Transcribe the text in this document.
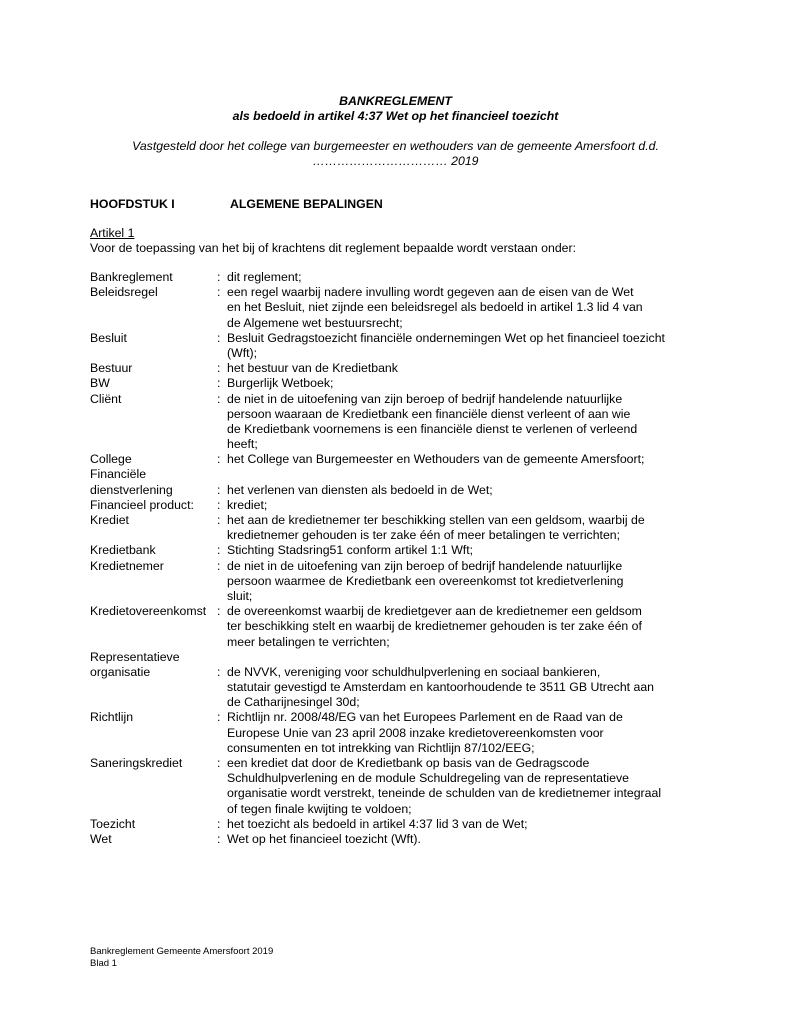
BANKREGLEMENT
als bedoeld in artikel 4:37 Wet op het financieel toezicht
Vastgesteld door het college van burgemeester en wethouders van de gemeente Amersfoort d.d.
…………………………… 2019
HOOFDSTUK I	ALGEMENE BEPALINGEN
Artikel 1
Voor de toepassing van het bij of krachtens dit reglement bepaalde wordt verstaan onder:
Bankreglement	: dit reglement;
Beleidsregel	: een regel waarbij nadere invulling wordt gegeven aan de eisen van de Wet
en het Besluit, niet zijnde een beleidsregel als bedoeld in artikel 1.3 lid 4 van
de Algemene wet bestuursrecht;
Besluit	: Besluit Gedragstoezicht financiële ondernemingen Wet op het financieel toezicht
(Wft);
Bestuur	: het bestuur van de Kredietbank
BW	: Burgerlijk Wetboek;
Cliënt	: de niet in de uitoefening van zijn beroep of bedrijf handelende natuurlijke
persoon waaraan de Kredietbank een financiële dienst verleent of aan wie
de Kredietbank voornemens is een financiële dienst te verlenen of verleend
heeft;
College	: het College van Burgemeester en Wethouders van de gemeente Amersfoort;
Financiële
dienstverlening	: het verlenen van diensten als bedoeld in de Wet;
Financieel product:	: krediet;
Krediet	: het aan de kredietnemer ter beschikking stellen van een geldsom, waarbij de
kredietnemer gehouden is ter zake één of meer betalingen te verrichten;
Kredietbank	: Stichting Stadsring51 conform artikel 1:1 Wft;
Kredietnemer	: de niet in de uitoefening van zijn beroep of bedrijf handelende natuurlijke
persoon waarmee de Kredietbank een overeenkomst tot kredietverlening
sluit;
Kredietovereenkomst : de overeenkomst waarbij de kredietgever aan de kredietnemer een geldsom
ter beschikking stelt en waarbij de kredietnemer gehouden is ter zake één of
meer betalingen te verrichten;
Representatieve
organisatie	: de NVVK, vereniging voor schuldhulpverlening en sociaal bankieren,
statutair gevestigd te Amsterdam en kantoorhoudende te 3511 GB Utrecht aan
de Catharijnesingel 30d;
Richtlijn	: Richtlijn nr. 2008/48/EG van het Europees Parlement en de Raad van de
Europese Unie van 23 april 2008 inzake kredietovereenkomsten voor
consumenten en tot intrekking van Richtlijn 87/102/EEG;
Saneringskrediet	: een krediet dat door de Kredietbank op basis van de Gedragscode
Schuldhulpverlening en de module Schuldregeling van de representatieve
organisatie wordt verstrekt, teneinde de schulden van de kredietnemer integraal
of tegen finale kwijting te voldoen;
Toezicht	: het toezicht als bedoeld in artikel 4:37 lid 3 van de Wet;
Wet	: Wet op het financieel toezicht (Wft).
Bankreglement Gemeente Amersfoort 2019
Blad 1
